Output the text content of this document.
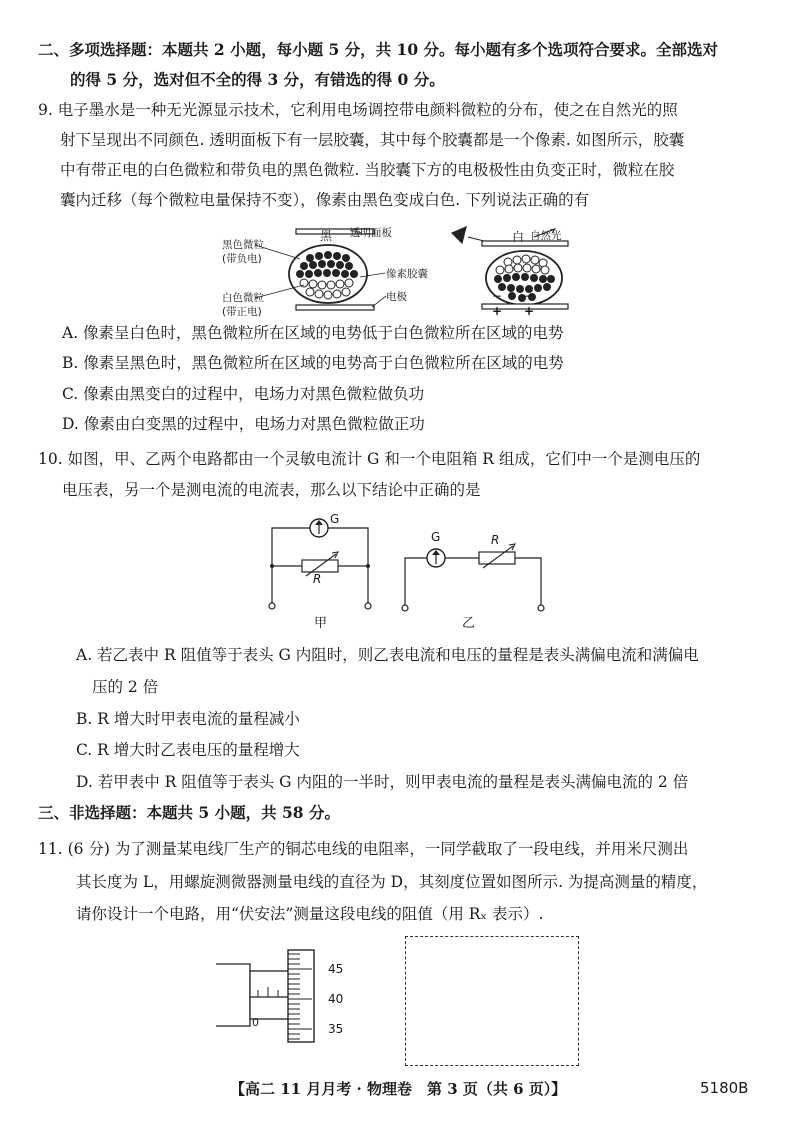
二、多项选择题：本题共 2 小题，每小题 5 分，共 10 分。每小题有多个选项符合要求。全部选对
的得 5 分，选对但不全的得 3 分，有错选的得 0 分。
9. 电子墨水是一种无光源显示技术，它利用电场调控带电颜料微粒的分布，使之在自然光的照
射下呈现出不同颜色. 透明面板下有一层胶囊，其中每个胶囊都是一个像素. 如图所示，胶囊
中有带正电的白色微粒和带负电的黑色微粒. 当胶囊下方的电极极性由负变正时，微粒在胶
囊内迁移（每个微粒电量保持不变），像素由黑色变成白色. 下列说法正确的有
黑色微粒
(带负电)
白色微粒
(带正电)
黑 透明面板
像素胶囊
电极
白 自然光
− −
+ +
A. 像素呈白色时，黑色微粒所在区域的电势低于白色微粒所在区域的电势
B. 像素呈黑色时，黑色微粒所在区域的电势高于白色微粒所在区域的电势
C. 像素由黑变白的过程中，电场力对黑色微粒做负功
D. 像素由白变黑的过程中，电场力对黑色微粒做正功
10. 如图，甲、乙两个电路都由一个灵敏电流计 G 和一个电阻箱 R 组成，它们中一个是测电压的
电压表，另一个是测电流的电流表，那么以下结论中正确的是
G
R
甲
G	R
乙
A. 若乙表中 R 阻值等于表头 G 内阻时，则乙表电流和电压的量程是表头满偏电流和满偏电
压的 2 倍
B. R 增大时甲表电流的量程减小
C. R 增大时乙表电压的量程增大
D. 若甲表中 R 阻值等于表头 G 内阻的一半时，则甲表电流的量程是表头满偏电流的 2 倍
三、非选择题：本题共 5 小题，共 58 分。
11. (6 分) 为了测量某电线厂生产的铜芯电线的电阻率，一同学截取了一段电线，并用米尺测出
其长度为 L，用螺旋测微器测量电线的直径为 D，其刻度位置如图所示. 为提高测量的精度，
请你设计一个电路，用“伏安法”测量这段电线的阻值（用 Rₓ 表示）.
45
40
35
0
【高二 11 月月考 · 物理卷　第 3 页（共 6 页）】	5180B
